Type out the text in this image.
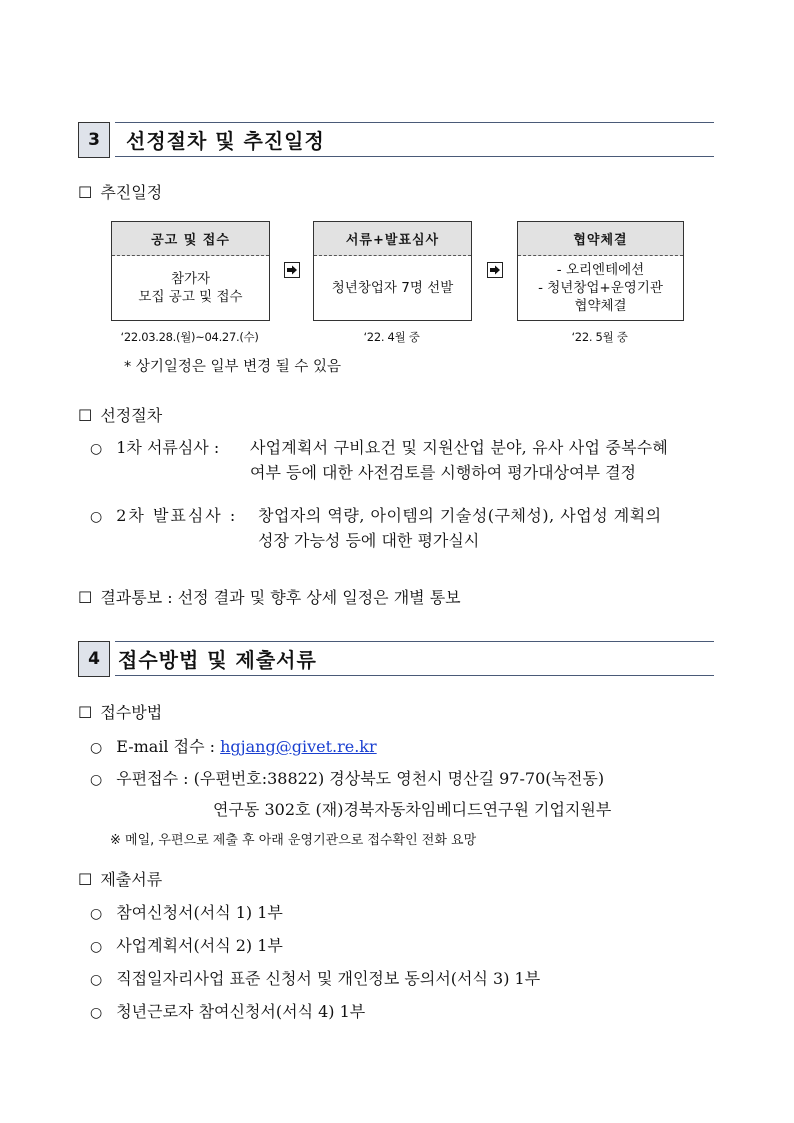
3	선정절차 및 추진일정
☐ 추진일정
공고 및 접수
참가자
모집 공고 및 접수
서류+발표심사
청년창업자 7명 선발
협약체결
- 오리엔테에션
- 청년창업+운영기관
협약체결
‘22.03.28.(월)~04.27.(수)	‘22. 4월 중	‘22. 5월 중
* 상기일정은 일부 변경 될 수 있음
☐ 선정절차
○ 1차 서류심사 : 사업계획서 구비요건 및 지원산업 분야, 유사 사업 중복수혜
여부 등에 대한 사전검토를 시행하여 평가대상여부 결정
○ 2차 발표심사 : 창업자의 역량, 아이템의 기술성(구체성), 사업성 계획의
성장 가능성 등에 대한 평가실시
☐ 결과통보 : 선정 결과 및 향후 상세 일정은 개별 통보
4 접수방법 및 제출서류
☐ 접수방법
○ E-mail 접수 : hgjang@givet.re.kr
○ 우편접수 : (우편번호:38822) 경상북도 영천시 명산길 97-70(녹전동)
연구동 302호 (재)경북자동차임베디드연구원 기업지원부
※ 메일, 우편으로 제출 후 아래 운영기관으로 접수확인 전화 요망
☐ 제출서류
○ 참여신청서(서식 1) 1부
○ 사업계획서(서식 2) 1부
○ 직접일자리사업 표준 신청서 및 개인정보 동의서(서식 3) 1부
○ 청년근로자 참여신청서(서식 4) 1부
